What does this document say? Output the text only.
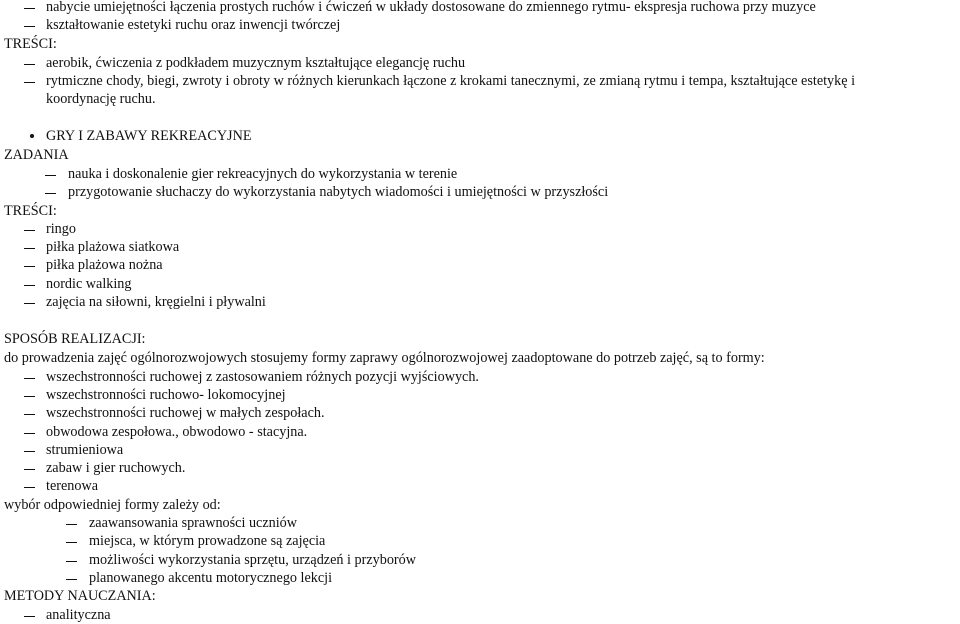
nabycie umiejętności łączenia prostych ruchów i ćwiczeń w układy dostosowane do zmiennego rytmu- ekspresja ruchowa przy muzyce
kształtowanie estetyki ruchu oraz inwencji twórczej
TREŚCI:
aerobik, ćwiczenia z podkładem muzycznym kształtujące elegancję ruchu
rytmiczne chody, biegi, zwroty i obroty w różnych kierunkach łączone z krokami tanecznymi, ze zmianą rytmu i tempa, kształtujące estetykę i
koordynację ruchu.
GRY I ZABAWY REKREACYJNE
ZADANIA
nauka i doskonalenie gier rekreacyjnych do wykorzystania w terenie
przygotowanie słuchaczy do wykorzystania nabytych wiadomości i umiejętności w przyszłości
TREŚCI:
ringo
piłka plażowa siatkowa
piłka plażowa nożna
nordic walking
zajęcia na siłowni, kręgielni i pływalni
SPOSÓB REALIZACJI:
do prowadzenia zajęć ogólnorozwojowych stosujemy formy zaprawy ogólnorozwojowej zaadoptowane do potrzeb zajęć, są to formy:
wszechstronności ruchowej z zastosowaniem różnych pozycji wyjściowych.
wszechstronności ruchowo- lokomocyjnej
wszechstronności ruchowej w małych zespołach.
obwodowa zespołowa., obwodowo - stacyjna.
strumieniowa
zabaw i gier ruchowych.
terenowa
wybór odpowiedniej formy zależy od:
zaawansowania sprawności uczniów
miejsca, w którym prowadzone są zajęcia
możliwości wykorzystania sprzętu, urządzeń i przyborów
planowanego akcentu motorycznego lekcji
METODY NAUCZANIA:
analityczna
